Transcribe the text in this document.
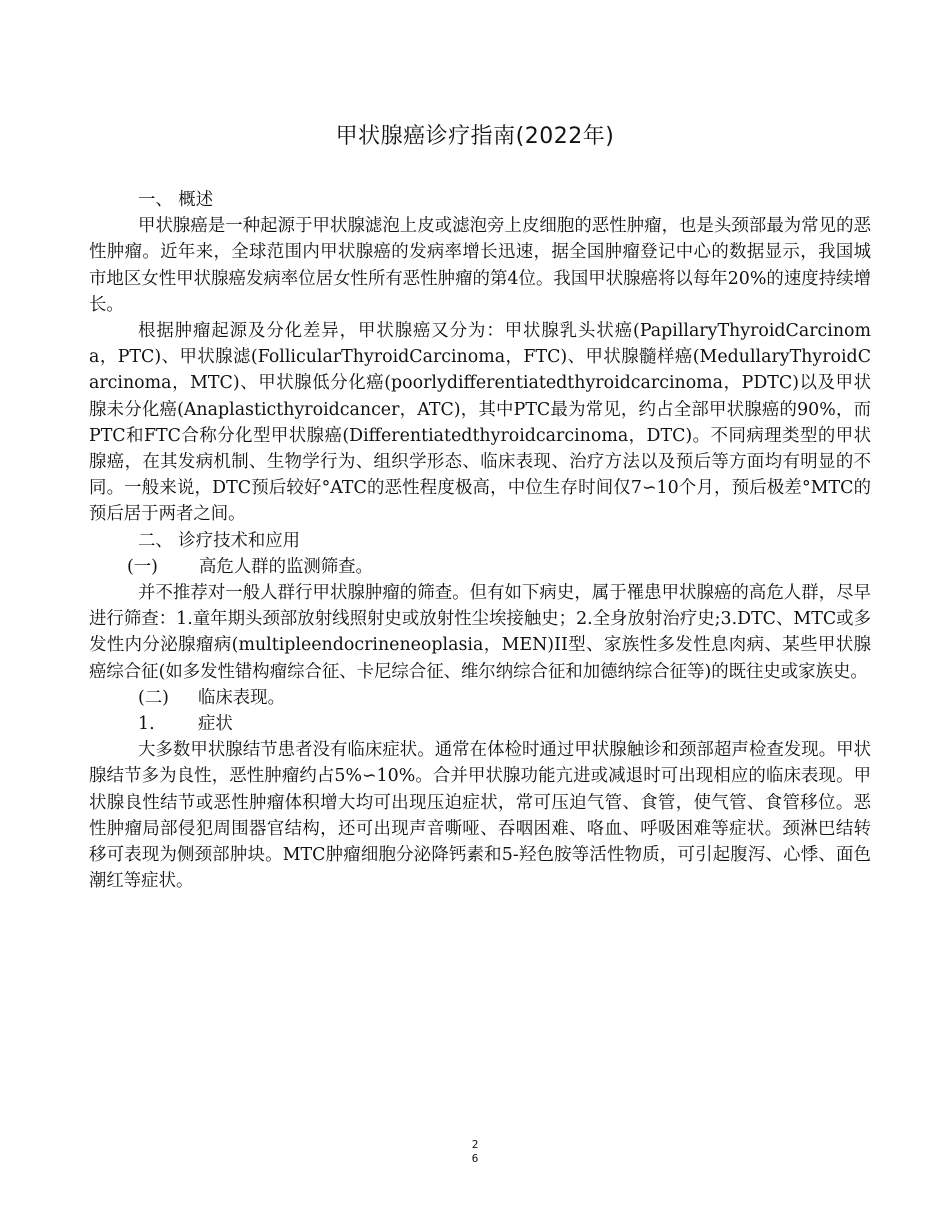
甲状腺癌诊疗指南(2022年)

一、 概述

甲状腺癌是一种起源于甲状腺滤泡上皮或滤泡旁上皮细胞的恶性肿瘤，也是头颈部最为常见的恶性肿瘤。近年来，全球范围内甲状腺癌的发病率增长迅速，据全国肿瘤登记中心的数据显示，我国城市地区女性甲状腺癌发病率位居女性所有恶性肿瘤的第4位。我国甲状腺癌将以每年20%的速度持续增长。

根据肿瘤起源及分化差异，甲状腺癌又分为：甲状腺乳头状癌(PapillaryThyroidCarcinoma，PTC)、甲状腺滤(FollicularThyroidCarcinoma，FTC)、甲状腺髓样癌(MedullaryThyroidCarcinoma，MTC)、甲状腺低分化癌(poorlydifferentiatedthyroidcarcinoma，PDTC)以及甲状腺未分化癌(Anaplasticthyroidcancer，ATC)，其中PTC最为常见，约占全部甲状腺癌的90%，而PTC和FTC合称分化型甲状腺癌(Differentiatedthyroidcarcinoma，DTC)。不同病理类型的甲状腺癌，在其发病机制、生物学行为、组织学形态、临床表现、治疗方法以及预后等方面均有明显的不同。一般来说，DTC预后较好°ATC的恶性程度极高，中位生存时间仅7∽10个月，预后极差°MTC的预后居于两者之间。

二、 诊疗技术和应用

(一) 高危人群的监测筛查。

并不推荐对一般人群行甲状腺肿瘤的筛查。但有如下病史，属于罹患甲状腺癌的高危人群，尽早进行筛查：1.童年期头颈部放射线照射史或放射性尘埃接触史；2.全身放射治疗史;3.DTC、MTC或多发性内分泌腺瘤病(multipleendocrineneoplasia，MEN)II型、家族性多发性息肉病、某些甲状腺癌综合征(如多发性错构瘤综合征、卡尼综合征、维尔纳综合征和加德纳综合征等)的既往史或家族史。

(二) 临床表现。

1. 症状

大多数甲状腺结节患者没有临床症状。通常在体检时通过甲状腺触诊和颈部超声检查发现。甲状腺结节多为良性，恶性肿瘤约占5%∽10%。合并甲状腺功能亢进或减退时可出现相应的临床表现。甲状腺良性结节或恶性肿瘤体积增大均可出现压迫症状，常可压迫气管、食管，使气管、食管移位。恶性肿瘤局部侵犯周围器官结构，还可出现声音嘶哑、吞咽困难、咯血、呼吸困难等症状。颈淋巴结转移可表现为侧颈部肿块。MTC肿瘤细胞分泌降钙素和5-羟色胺等活性物质，可引起腹泻、心悸、面色潮红等症状。

2
6
